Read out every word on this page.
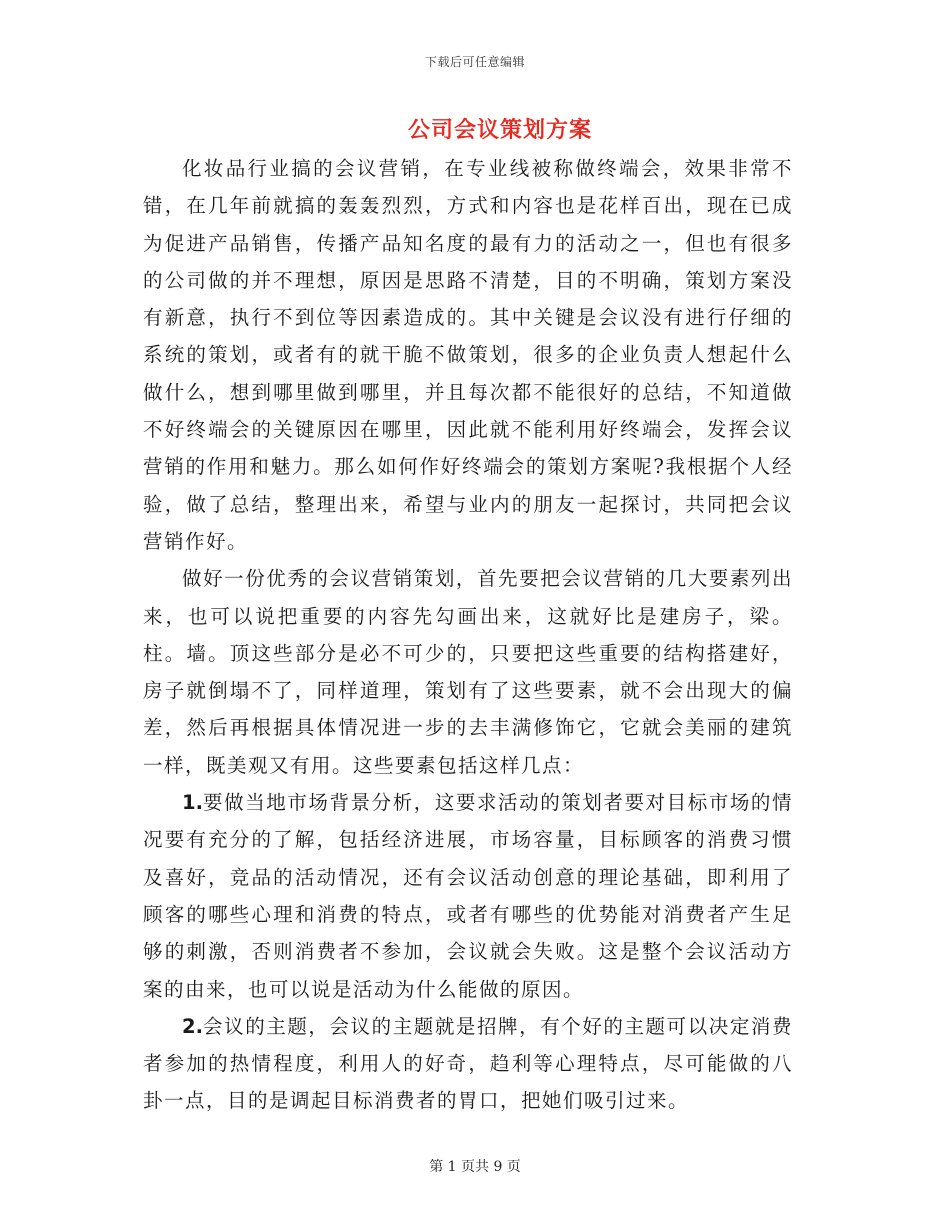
下载后可任意编辑
公司会议策划方案

化妆品行业搞的会议营销，在专业线被称做终端会，效果非常不错，在几年前就搞的轰轰烈烈，方式和内容也是花样百出，现在已成为促进产品销售，传播产品知名度的最有力的活动之一，但也有很多的公司做的并不理想，原因是思路不清楚，目的不明确，策划方案没有新意，执行不到位等因素造成的。其中关键是会议没有进行仔细的系统的策划，或者有的就干脆不做策划，很多的企业负责人想起什么做什么，想到哪里做到哪里，并且每次都不能很好的总结，不知道做不好终端会的关键原因在哪里，因此就不能利用好终端会，发挥会议营销的作用和魅力。那么如何作好终端会的策划方案呢?我根据个人经验，做了总结，整理出来，希望与业内的朋友一起探讨，共同把会议营销作好。

做好一份优秀的会议营销策划，首先要把会议营销的几大要素列出来，也可以说把重要的内容先勾画出来，这就好比是建房子，梁。柱。墙。顶这些部分是必不可少的，只要把这些重要的结构搭建好，房子就倒塌不了，同样道理，策划有了这些要素，就不会出现大的偏差，然后再根据具体情况进一步的去丰满修饰它，它就会美丽的建筑一样，既美观又有用。这些要素包括这样几点：

1.要做当地市场背景分析，这要求活动的策划者要对目标市场的情况要有充分的了解，包括经济进展，市场容量，目标顾客的消费习惯及喜好，竞品的活动情况，还有会议活动创意的理论基础，即利用了顾客的哪些心理和消费的特点，或者有哪些的优势能对消费者产生足够的刺激，否则消费者不参加，会议就会失败。这是整个会议活动方案的由来，也可以说是活动为什么能做的原因。

2.会议的主题，会议的主题就是招牌，有个好的主题可以决定消费者参加的热情程度，利用人的好奇，趋利等心理特点，尽可能做的八卦一点，目的是调起目标消费者的胃口，把她们吸引过来。

第 1 页共 9 页
